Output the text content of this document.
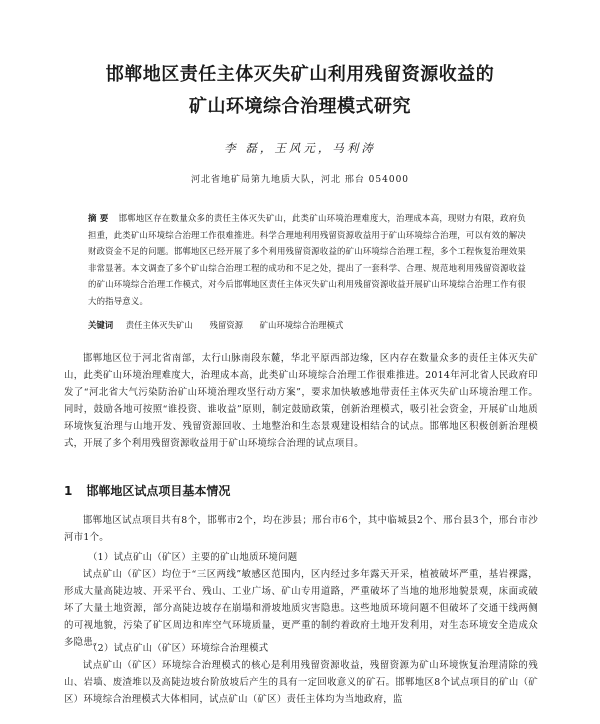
邯郸地区责任主体灭失矿山利用残留资源收益的
矿山环境综合治理模式研究
李 磊，王风元，马利涛
河北省地矿局第九地质大队，河北 邢台 054000
摘 要 邯郸地区存在数量众多的责任主体灭失矿山，此类矿山环境治理难度大，治理成本高，现财力有限，政府负担重，此类矿山环境综合治理工作很难推进。科学合理地利用残留资源收益用于矿山环境综合治理，可以有效的解决财政资金不足的问题。邯郸地区已经开展了多个利用残留资源收益的矿山环境综合治理工程，多个工程恢复治理效果非常显著。本文调查了多个矿山综合治理工程的成功和不足之处，提出了一套科学、合理、规范地利用残留资源收益的矿山环境综合治理工作模式，对今后邯郸地区责任主体灭失矿山利用残留资源收益开展矿山环境综合治理工作有很大的指导意义。
关键词 责任主体灭失矿山 残留资源 矿山环境综合治理模式
邯郸地区位于河北省南部，太行山脉南段东麓，华北平原西部边缘，区内存在数量众多的责任主体灭失矿山，此类矿山环境治理难度大，治理成本高，此类矿山环境综合治理工作很难推进。2014年河北省人民政府印发了“河北省大气污染防治矿山环境治理攻坚行动方案”，要求加快敏感地带责任主体灭失矿山环境治理工作。同时，鼓励各地可按照“谁投资、谁收益”原则，制定鼓励政策，创新治理模式，吸引社会资金，开展矿山地质环境恢复治理与山地开发、残留资源回收、土地整治和生态景观建设相结合的试点。邯郸地区积极创新治理模式，开展了多个利用残留资源收益用于矿山环境综合治理的试点项目。
1 邯郸地区试点项目基本情况
邯郸地区试点项目共有8个，邯郸市2个，均在涉县；邢台市6个，其中临城县2个、邢台县3个，邢台市沙河市1个。
（1）试点矿山（矿区）主要的矿山地质环境问题
试点矿山（矿区）均位于“三区两线”敏感区范围内，区内经过多年露天开采，植被破坏严重，基岩裸露，形成大量高陡边坡、开采平台、残山、工业广场、矿山专用道路，严重破坏了当地的地形地貌景观，床面或破坏了大量土地资源，部分高陡边坡存在崩塌和滑坡地质灾害隐患。这些地质环境问题不但破坏了交通干线两侧的可视地貌，污染了矿区周边和库空气环境质量，更严重的制约着政府土地开发利用，对生态环境安全造成众多隐患。
（2）试点矿山（矿区）环境综合治理模式
试点矿山（矿区）环境综合治理模式的核心是利用残留资源收益，残留资源为矿山环境恢复治理清除的残山、岩墙、废渣堆以及高陡边坡台阶放坡后产生的具有一定回收意义的矿石。邯郸地区8个试点项目的矿山（矿区）环境综合治理模式大体相同，试点矿山（矿区）责任主体均为当地政府，监
